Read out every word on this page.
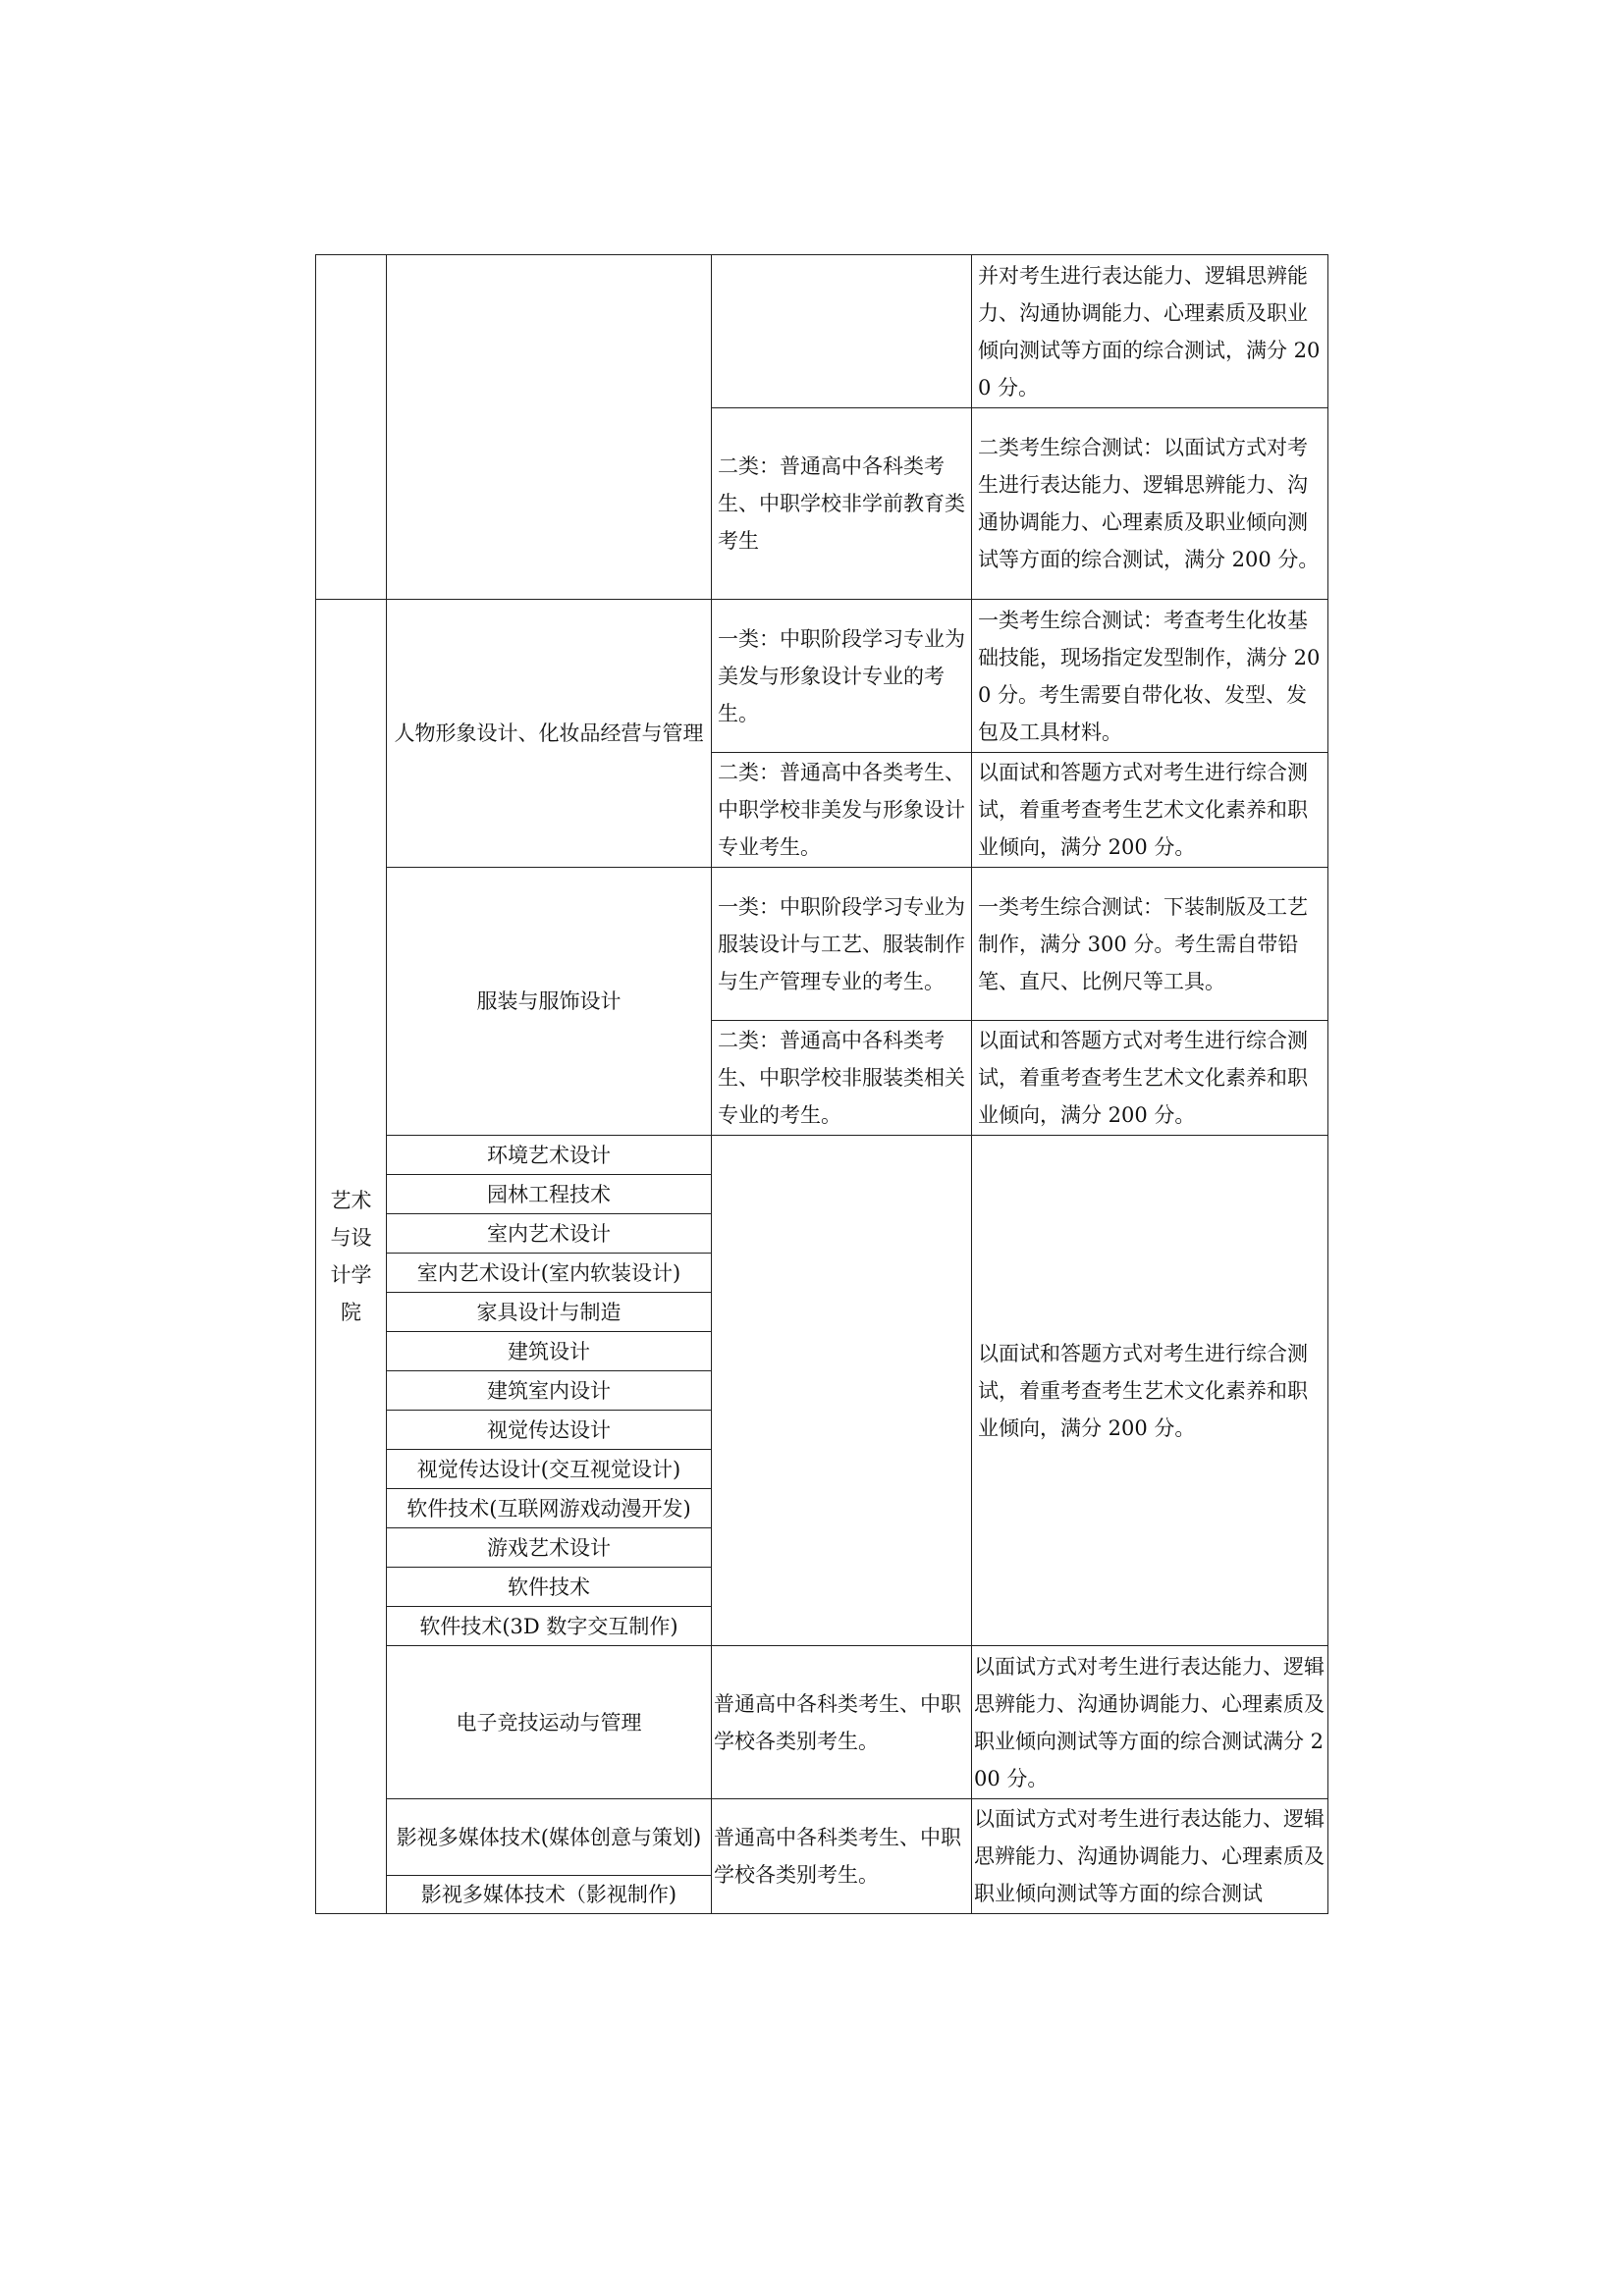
			并对考生进行表达能力、逻辑思辨能力、沟通协调能力、心理素质及职业倾向测试等方面的综合测试，满分 200 分。
		二类：普通高中各科类考生、中职学校非学前教育类考生	二类考生综合测试：以面试方式对考生进行表达能力、逻辑思辨能力、沟通协调能力、心理素质及职业倾向测试等方面的综合测试，满分 200 分。
艺术与设计学院	人物形象设计、化妆品经营与管理	一类：中职阶段学习专业为美发与形象设计专业的考生。	一类考生综合测试：考查考生化妆基础技能，现场指定发型制作，满分 200 分。考生需要自带化妆、发型、发包及工具材料。
		二类：普通高中各类考生、中职学校非美发与形象设计专业考生。	以面试和答题方式对考生进行综合测试，着重考查考生艺术文化素养和职业倾向，满分 200 分。
	服装与服饰设计	一类：中职阶段学习专业为服装设计与工艺、服装制作与生产管理专业的考生。	一类考生综合测试：下装制版及工艺制作，满分 300 分。考生需自带铅笔、直尺、比例尺等工具。
		二类：普通高中各科类考生、中职学校非服装类相关专业的考生。	以面试和答题方式对考生进行综合测试，着重考查考生艺术文化素养和职业倾向，满分 200 分。
	环境艺术设计		以面试和答题方式对考生进行综合测试，着重考查考生艺术文化素养和职业倾向，满分 200 分。
	园林工程技术		
	室内艺术设计		
	室内艺术设计(室内软装设计)		
	家具设计与制造		
	建筑设计		
	建筑室内设计		
	视觉传达设计		
	视觉传达设计(交互视觉设计)		
	软件技术(互联网游戏动漫开发)		
	游戏艺术设计		
	软件技术		
	软件技术(3D 数字交互制作)		
	电子竞技运动与管理	普通高中各科类考生、中职学校各类别考生。	以面试方式对考生进行表达能力、逻辑思辨能力、沟通协调能力、心理素质及职业倾向测试等方面的综合测试满分 200 分。
	影视多媒体技术(媒体创意与策划)	普通高中各科类考生、中职学校各类别考生。	以面试方式对考生进行表达能力、逻辑思辨能力、沟通协调能力、心理素质及职业倾向测试等方面的综合测试
	影视多媒体技术（影视制作)		
